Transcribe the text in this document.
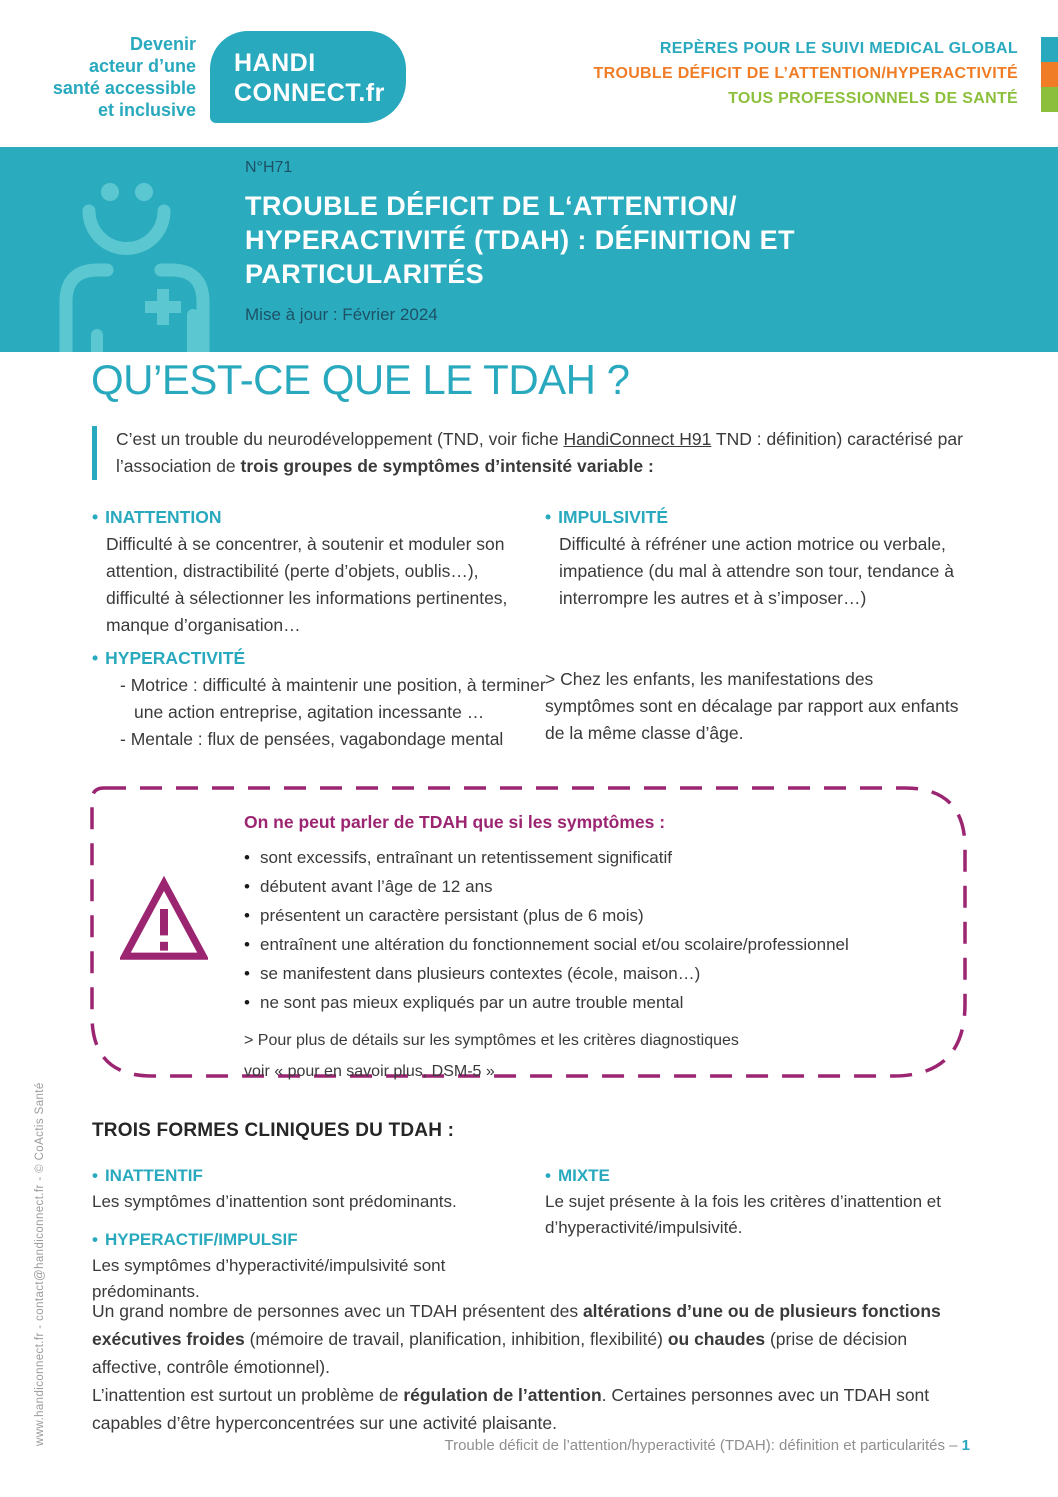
Devenir
acteur d’une
santé accessible
et inclusive
HANDI
CONNECT.fr
REPÈRES POUR LE SUIVI MEDICAL GLOBAL
TROUBLE DÉFICIT DE L’ATTENTION/HYPERACTIVITÉ
TOUS PROFESSIONNELS DE SANTÉ
N°H71
TROUBLE DÉFICIT DE L‘ATTENTION/
HYPERACTIVITÉ (TDAH) : DÉFINITION ET
PARTICULARITÉS
Mise à jour : Février 2024
QU’EST-CE QUE LE TDAH ?
C’est un trouble du neurodéveloppement (TND, voir fiche HandiConnect H91 TND : définition) caractérisé par l’association de trois groupes de symptômes d’intensité variable :
• INATTENTION
Difficulté à se concentrer, à soutenir et moduler son attention, distractibilité (perte d’objets, oublis…), difficulté à sélectionner les informations pertinentes, manque d’organisation…
• IMPULSIVITÉ
Difficulté à réfréner une action motrice ou verbale, impatience (du mal à attendre son tour, tendance à interrompre les autres et à s’imposer…)
• HYPERACTIVITÉ
- Motrice : difficulté à maintenir une position, à terminer une action entreprise, agitation incessante …
- Mentale : flux de pensées, vagabondage mental
> Chez les enfants, les manifestations des symptômes sont en décalage par rapport aux enfants de la même classe d’âge.
On ne peut parler de TDAH que si les symptômes :
• sont excessifs, entraînant un retentissement significatif
• débutent avant l’âge de 12 ans
• présentent un caractère persistant (plus de 6 mois)
• entraînent une altération du fonctionnement social et/ou scolaire/professionnel
• se manifestent dans plusieurs contextes (école, maison…)
• ne sont pas mieux expliqués par un autre trouble mental
> Pour plus de détails sur les symptômes et les critères diagnostiques
voir « pour en savoir plus, DSM-5 »
TROIS FORMES CLINIQUES DU TDAH :
• INATTENTIF
Les symptômes d’inattention sont prédominants.
• HYPERACTIF/IMPULSIF
Les symptômes d’hyperactivité/impulsivité sont prédominants.
• MIXTE
Le sujet présente à la fois les critères d’inattention et d’hyperactivité/impulsivité.
Un grand nombre de personnes avec un TDAH présentent des altérations d’une ou de plusieurs fonctions exécutives froides (mémoire de travail, planification, inhibition, flexibilité) ou chaudes (prise de décision affective, contrôle émotionnel).
L’inattention est surtout un problème de régulation de l’attention. Certaines personnes avec un TDAH sont capables d’être hyperconcentrées sur une activité plaisante.
Trouble déficit de l’attention/hyperactivité (TDAH): définition et particularités – 1
www.handiconnect.fr - contact@handiconnect.fr - © CoActis Santé
